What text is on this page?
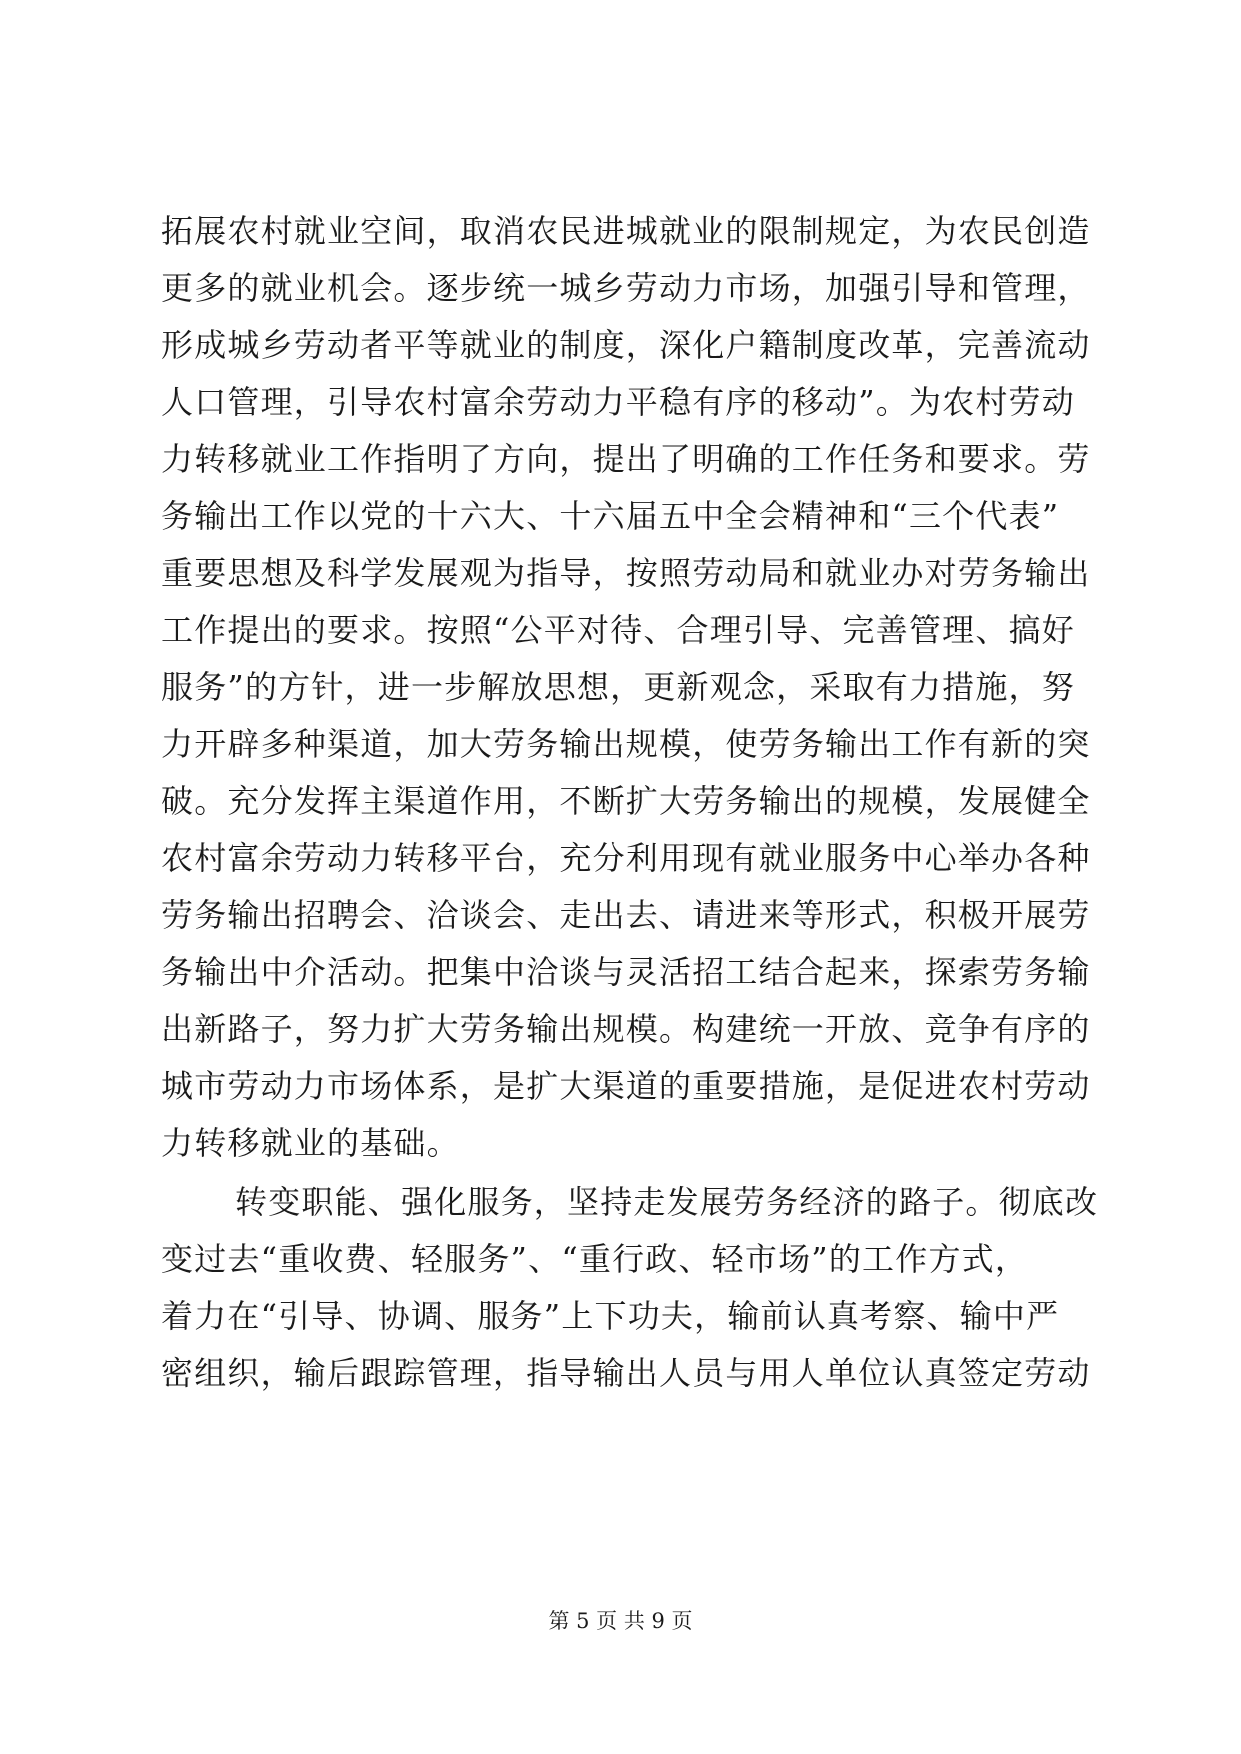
拓展农村就业空间，取消农民进城就业的限制规定，为农民创造
更多的就业机会。逐步统一城乡劳动力市场，加强引导和管理，
形成城乡劳动者平等就业的制度，深化户籍制度改革，完善流动
人口管理，引导农村富余劳动力平稳有序的移动”。为农村劳动
力转移就业工作指明了方向，提出了明确的工作任务和要求。劳
务输出工作以党的十六大、十六届五中全会精神和“三个代表”
重要思想及科学发展观为指导，按照劳动局和就业办对劳务输出
工作提出的要求。按照“公平对待、合理引导、完善管理、搞好
服务”的方针，进一步解放思想，更新观念，采取有力措施，努
力开辟多种渠道，加大劳务输出规模，使劳务输出工作有新的突
破。充分发挥主渠道作用，不断扩大劳务输出的规模，发展健全
农村富余劳动力转移平台，充分利用现有就业服务中心举办各种
劳务输出招聘会、洽谈会、走出去、请进来等形式，积极开展劳
务输出中介活动。把集中洽谈与灵活招工结合起来，探索劳务输
出新路子，努力扩大劳务输出规模。构建统一开放、竞争有序的
城市劳动力市场体系，是扩大渠道的重要措施，是促进农村劳动
力转移就业的基础。
转变职能、强化服务，坚持走发展劳务经济的路子。彻底改
变过去“重收费、轻服务”、“重行政、轻市场”的工作方式，
着力在“引导、协调、服务”上下功夫，输前认真考察、输中严
密组织，输后跟踪管理，指导输出人员与用人单位认真签定劳动
第 5 页 共 9 页
